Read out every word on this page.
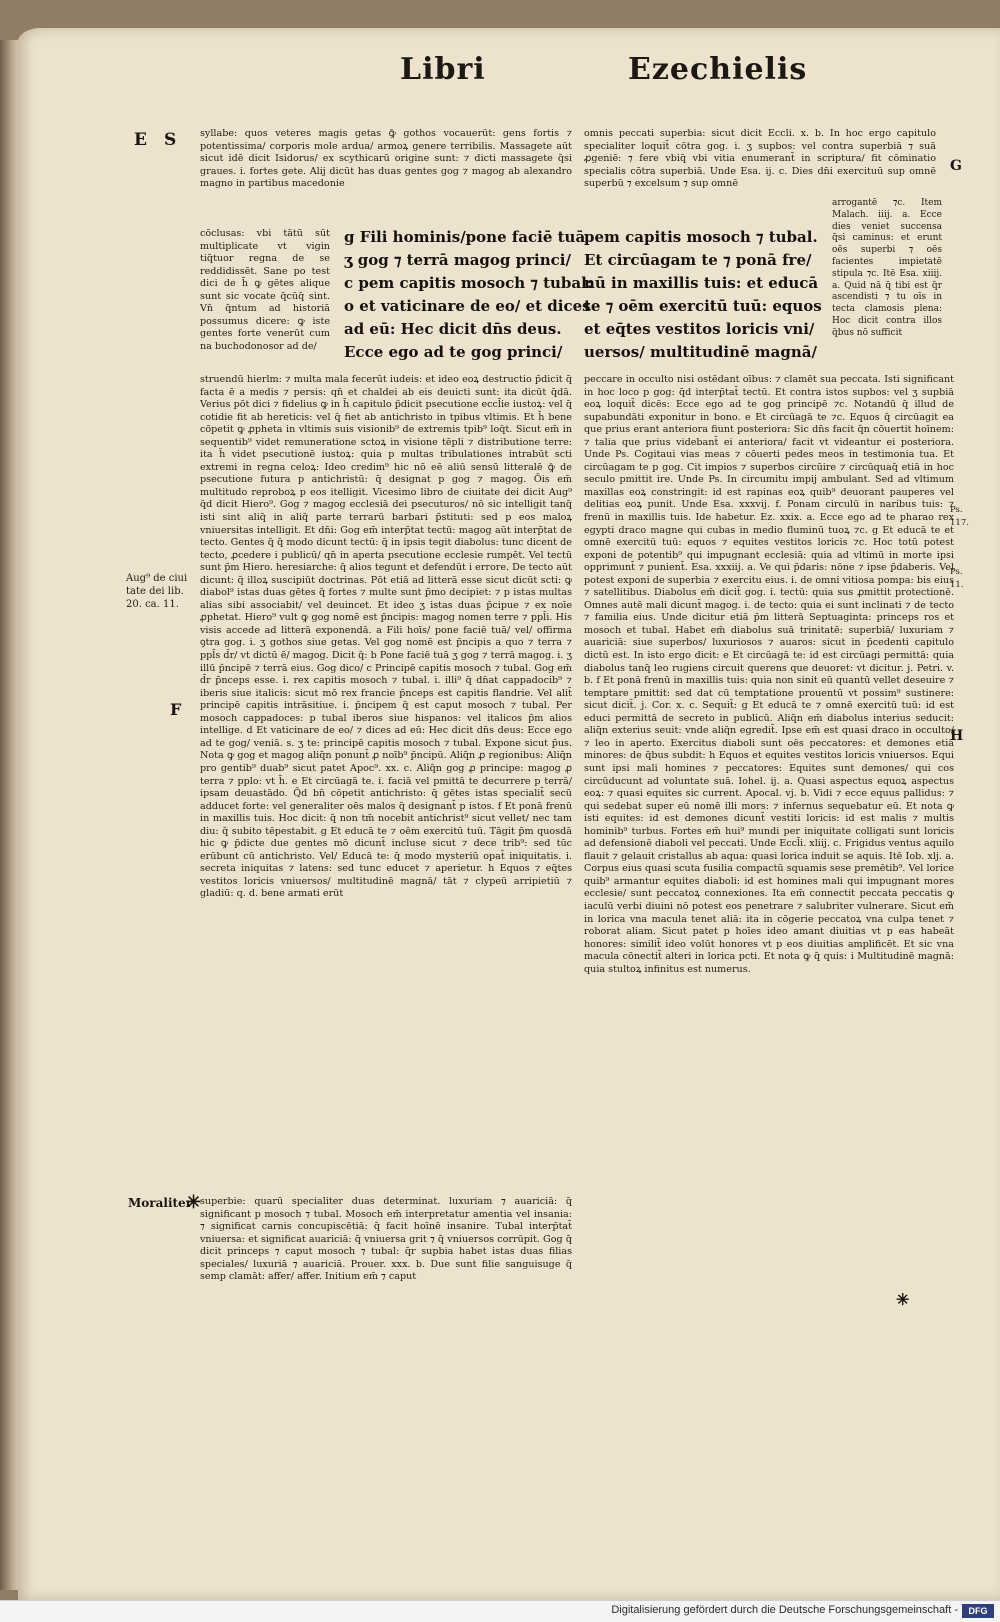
Libri	Ezechielis
E S
F
G
H
Aug⁹ de ciui tate dei lib. 20. ca. 11.
Ps. 117.
Ps. 11.

syllabe: quos veteres magis getas ꝙ̄ gothos vocauerūt: gens fortis ⁊ potentissima/ corporis mole ardua/ armoꝝ genere terribilis. Massagete aūt sicut idē dicit Isidorus/ ex scythicarū origine sunt: ⁊ dicti massagete q̄si graues. i. fortes gete. Alij dicūt has duas gentes gog ⁊ magog ab alexandro magno in partibus macedonie

cōclusas: vbi tātū sūt multiplicate vt vigin tiq̄tuor regna de se reddidissēt. Sane po test dici de h̄ ꝙ gētes alique sunt sic vocate q̄cūq̄ sint. Vn̄ q̄ntum ad historiā possumus dicere: ꝙ iste gentes forte venerūt cum na buchodonosor ad de/

g Fili hominis/pone faciē tuā

ʒ gog ⁊ terrā magog princi/

c pem capitis mosoch ⁊ tubal:

o et vaticinare de eo/ et dices

ad eū: Hec dicit dn̄s deus.

Ecce ego ad te gog princi/

pem capitis mosoch ⁊ tubal.

Et circūagam te ⁊ ponā fre/

nū in maxillis tuis: et educā

te ⁊ oēm exercitū tuū: equos

et eq̄tes vestitos loricis vni/

uersos/ multitudinē magnā/

struendū hierlm: ⁊ multa mala fecerūt iudeis: et ideo eoꝝ destructio p̄dicit̄ q̄ facta ē a medis ⁊ persis: qn̄ et chaldei ab eis deuicti sunt: ita dicūt q̄dā. Verius pōt dici ⁊ fidelius ꝙ in h̄ capitulo p̄dicit psecutione eccl̄ie iustoꝝ: vel q̄ cotidie fit ab hereticis: vel q̄ fiet ab antichristo in tpibus vltimis. Et h̄ bene cōpetit ꝙ ꝓpheta in vltimis suis visionib⁹ de extremis tpib⁹ loq̄t. Sicut em̄ in sequentib⁹ videt remuneratione sctoꝝ in visione tēpli ⁊ distributione terre: ita h̄ videt psecutionē iustoꝝ: quia p multas tribulationes intrabūt scti extremi in regna celoꝝ: Ideo credim⁹ hic nō eē aliū sensū litteralē ꝙ̄ de psecutione futura p antichristū: q̄ designat p gog ⁊ magog. Ōis em̄ multitudo reproboꝝ p eos itelligit. Vicesimo libro de ciuitate dei dicit Aug⁹ q̄d dicit Hiero⁹. Gog ⁊ magog ecclesiā dei psecuturos/ nō sic intelligit tanq̄ isti sint aliq̄ in aliq̄ parte terrarū barbari p̄stituti: sed p eos maloꝝ vniuersitas intelligit. Et dn̄i: Gog em̄ interp̄tat tectū: magog aūt interp̄tat de tecto. Gentes q̄ q̄ modo dicunt tectū: q̄ in ipsis tegit diabolus: tunc dicent de tecto, ꝓcedere i publicū/ qn̄ in aperta psecutione ecclesie rumpēt. Vel tectū sunt p̄m Hiero. heresiarche: q̄ alios tegunt et defendūt i errore. De tecto aūt dicunt: q̄ illoꝝ suscipiūt doctrinas. Pōt etiā ad litterā esse sicut dicūt scti: ꝙ diabol⁹ istas duas gētes q̄ fortes ⁊ multe sunt p̄mo decipiet: ⁊ p istas multas alias sibi associabit/ vel deuincet. Et ideo ʒ istas duas p̄cipue ⁊ ex noīe ꝓphetat. Hiero⁹ vult ꝙ gog nomē est p̄ncipis: magog nomen terre ⁊ ppl̄i. His visis accede ad litterā exponendā. a Fili hoīs/ pone faciē tuā/ vel/ offirma ꝯtra gog. i. ʒ gothos siue getas. Vel gog nomē est p̄ncipis a quo ⁊ terra ⁊ ppl̄s d̄r/ vt dictū ē/ magog. Dicit q̄: b Pone faciē tuā ʒ gog ⁊ terrā magog. i. ʒ illū p̄ncipē ⁊ terrā eius. Gog dico/ c Principē capitis mosoch ⁊ tubal. Gog em̄ d̄r p̄nceps esse. i. rex capitis mosoch ⁊ tubal. i. illi⁹ q̄ dn̄at cappadocib⁹ ⁊ iberis siue italicis: sicut mō rex francie p̄nceps est capitis flandrie. Vel alit̄ principē capitis intrāsitiue. i. p̄ncipem q̄ est caput mosoch ⁊ tubal. Per mosoch cappadoces: p tubal iberos siue hispanos: vel italicos p̄m alios intellige. d Et vaticinare de eo/ ⁊ dices ad eū: Hec dicit dn̄s deus: Ecce ego ad te gog/ veniā. s. ʒ te: principē capitis mosoch ⁊ tubal. Expone sicut p̄us. Nota ꝙ gog et magog aliq̄n ponunt̄ ꝓ noīb⁹ p̄ncipū. Aliq̄n ꝓ regionibus: Aliq̄n pro gentib⁹ duab⁹ sicut patet Apoc⁹. xx. c. Aliq̄n gog ꝓ principe: magog ꝓ terra ⁊ pplo: vt h̄. e Et circūagā te. i. faciā vel pmittā te decurrere p terrā/ ipsam deuastādo. Q̄d bn̄ cōpetit antichristo: q̄ gētes istas specialit̄ secū adducet forte: vel generaliter oēs malos q̄ designant̄ p istos. f Et ponā frenū in maxillis tuis. Hoc dicit: q̄ non tm̄ nocebit antichrist⁹ sicut vellet/ nec tam diu: q̄ subito tēpestabit. g Et educā te ⁊ oēm exercitū tuū. Tāgit p̄m quosdā hic ꝙ p̄dicte due gentes mō dicunt̄ incluse sicut ⁊ dece trib⁹: sed tūc erūbunt cū antichristo. Vel/ Educā te: q̄ modo mysteriū opat̄ iniquitatis. i. secreta iniquitas ⁊ latens: sed tunc educet ⁊ aperietur. h Equos ⁊ eq̄tes vestitos loricis vniuersos/ multitudinē magnā/ tāt ⁊ clypeū arripietiū ⁊ gladiū: q. d. bene armati erūt

Moraliter
✳

superbie: quarū specialiter duas determinat. luxuriam ⁊ auariciā: q̄ significant p mosoch ⁊ tubal. Mosoch em̄ interpretatur amentia vel insania: ⁊ significat carnis concupiscētiā: q̄ facit hoīnē insanire. Tubal interp̄tat̄ vniuersa: et significat auariciā: q̄ vniuersa grit ⁊ q̄ vniuersos corrūpit. Gog q̄ dicit princeps ⁊ caput mosoch ⁊ tubal: q̄r supbia habet istas duas filias speciales/ luxuriā ⁊ auariciā. Prouer. xxx. b. Due sunt filie sanguisuge q̄ semp clamāt: affer/ affer. Initium em̄ ⁊ caput

omnis peccati superbia: sicut dicit̄ Eccl̄i. x. b. In hoc ergo capitulo specialiter loquit̄ cōtra gog. i. ʒ supbos: vel contra superbiā ⁊ suā ꝓgeniē: ⁊ fere vbiq̄ vbi vitia enumerant̄ in scriptura/ fit cōminatio specialis cōtra superbiā. Unde Esa. ij. c. Dies dn̄i exercituū sup omnē superbū ⁊ excelsum ⁊ sup omnē

arrogantē ⁊c. Item Malach. iiij. a. Ecce dies veniet succensa q̄si caminus: et erunt oēs superbi ⁊ oēs facientes impietatē stipula ⁊c. Itē Esa. xiiij. a. Quid nā q̄ tibi est q̄r ascendisti ⁊ tu oīs in tecta clamosis plena: Hoc dicit contra illos q̄bus nō sufficit

peccare in occulto nisi ostēdant oībus: ⁊ clamēt sua peccata. Isti significant̄ in hoc loco p gog: q̄d interp̄tat̄ tectū. Et contra istos supbos: vel ʒ supbiā eoꝝ loquit̄ dicēs: Ecce ego ad te gog principē ⁊c. Notandū q̄ illud de supabundāti exponitur in bono. e Et circūagā te ⁊c. Equos q̄ circūagit ea que prius erant anteriora fiunt posteriora: Sic dn̄s facit q̄n cōuertit hoīnem: ⁊ talia que prius videbant̄ ei anteriora/ facit vt videantur ei posteriora. Unde Ps. Cogitaui vias meas ⁊ cōuerti pedes meos in testimonia tua. Et circūagam te p gog. Cit impios ⁊ superbos circūire ⁊ circūquaq̄ etiā in hoc seculo pmittit ire. Unde Ps. In circumitu impij ambulant. Sed ad vltimum maxillas eoꝝ constringit: id est rapinas eoꝝ quib⁹ deuorant pauperes vel delitias eoꝝ punit. Unde Esa. xxxvij. f. Ponam circulū in naribus tuis: ⁊ frenū in maxillis tuis. Ide habetur. Ez. xxix. a. Ecce ego ad te pharao rex egypti draco magne qui cubas in medio fluminū tuoꝝ ⁊c. g Et educā te et omnē exercitū tuū: equos ⁊ equites vestitos loricis ⁊c. Hoc totū potest exponi de potentib⁹ qui impugnant ecclesiā: quia ad vltimū in morte ipsi opprimunt̄ ⁊ punient̄. Esa. xxxiij. a. Ve qui p̄daris: nōne ⁊ ipse p̄daberis. Vel potest exponi de superbia ⁊ exercitu eius. i. de omni vitiosa pompa: bis eius ⁊ satellitibus. Diabolus em̄ dicit̄ gog. i. tectū: quia sus ꝓmittit protectionē. Omnes autē mali dicunt̄ magog. i. de tecto: quia ei sunt inclinati ⁊ de tecto ⁊ familia eius. Unde dicitur etiā p̄m litterā Septuaginta: princeps ros et mosoch et tubal. Habet em̄ diabolus suā trinitatē: superbiā/ luxuriam ⁊ auariciā: siue superbos/ luxuriosos ⁊ auaros: sicut in p̄cedenti capitulo dictū est. In isto ergo dicit: e Et circūagā te: id est circūagi permittā: quia diabolus tanq̄ leo rugiens circuit querens que deuoret: vt dicitur. j. Petri. v. b. f Et ponā frenū in maxillis tuis: quia non sinit eū quantū vellet deseuire ⁊ temptare pmittit: sed dat cū temptatione prouentū vt possim⁹ sustinere: sicut dicit̄. j. Cor. x. c. Sequit̄: g Et educā te ⁊ omnē exercitū tuū: id est educi permittā de secreto in publicū. Aliq̄n em̄ diabolus interius seducit: aliq̄n exterius seuit: vnde aliq̄n egredit̄. Ipse em̄ est quasi draco in occulto/ ⁊ leo in aperto. Exercitus diaboli sunt oēs peccatores: et demones etiā minores: de q̄bus subdit: h Equos et equites vestitos loricis vniuersos. Equi sunt ipsi mali homines ⁊ peccatores: Equites sunt demones/ qui cos circūducunt ad voluntate suā. Iohel. ij. a. Quasi aspectus equoꝝ aspectus eoꝝ: ⁊ quasi equites sic current. Apocal. vj. b. Vidi ⁊ ecce equus pallidus: ⁊ qui sedebat super eū nomē illi mors: ⁊ infernus sequebatur eū. Et nota ꝙ isti equites: id est demones dicunt̄ vestiti loricis: id est malis ⁊ multis hominib⁹ turbus. Fortes em̄ hui⁹ mundi per iniquitate colligati sunt loricis ad defensionē diaboli vel peccati. Unde Eccl̄i. xliij. c. Frigidus ventus aquilo flauit ⁊ gelauit cristallus ab aqua: quasi lorica induit se aquis. Itē Iob. xlj. a. Corpus eius quasi scuta fusilia compactū squamis sese premētib⁹. Vel lorice quib⁹ armantur equites diaboli: id est homines mali qui impugnant mores ecclesie/ sunt peccatoꝝ connexiones. Ita em̄ connectit peccata peccatis ꝙ iaculū verbi diuini nō potest eos penetrare ⁊ salubriter vulnerare. Sicut em̄ in lorica vna macula tenet aliā: ita in cōgerie peccatoꝝ vna culpa tenet ⁊ roborat aliam. Sicut patet p hoīes ideo amant diuitias vt p eas habeāt honores: similit̄ ideo volūt honores vt p eos diuitias amplificēt. Et sic vna macula cōnectit̄ alteri in lorica pcti. Et nota ꝙ q̄ quis: i Multitudinē magnā: quia stultoꝝ infinitus est numerus.

✳
Digitalisierung gefördert durch die Deutsche Forschungsgemeinschaft -	DFG
